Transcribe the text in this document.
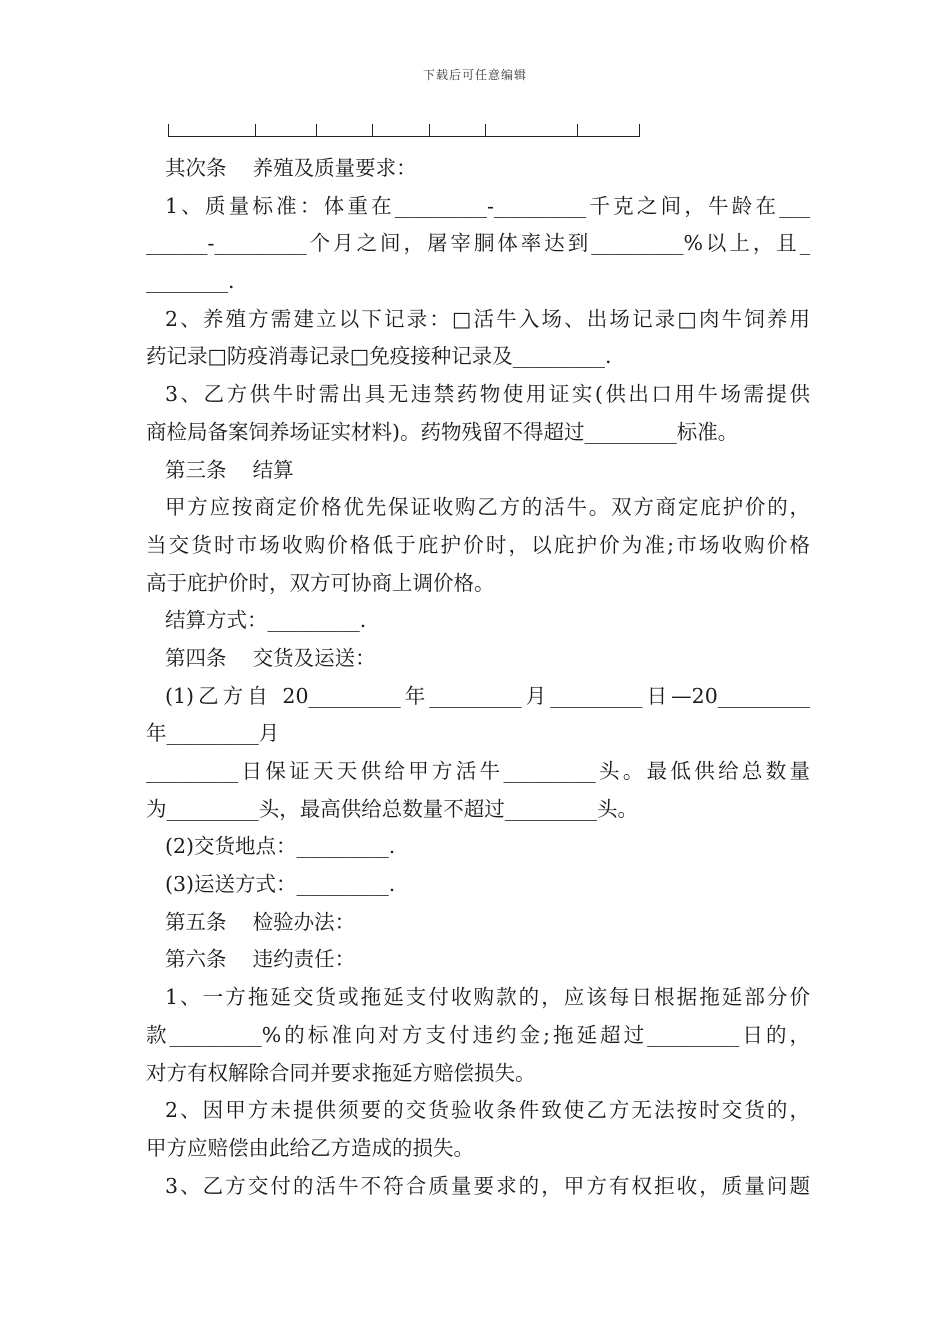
下载后可任意编辑
其次条    养殖及质量要求：
1、质量标准：体重在_________-_________千克之间，牛龄在___
______-_________个月之间，屠宰胴体率达到_________%以上，且_
________.
2、养殖方需建立以下记录：□活牛入场、出场记录□肉牛饲养用
药记录□防疫消毒记录□免疫接种记录及_________.
3、乙方供牛时需出具无违禁药物使用证实(供出口用牛场需提供
商检局备案饲养场证实材料)。药物残留不得超过_________标准。
第三条    结算
甲方应按商定价格优先保证收购乙方的活牛。双方商定庇护价的，
当交货时市场收购价格低于庇护价时，以庇护价为准;市场收购价格
高于庇护价时，双方可协商上调价格。
结算方式：_________.
第四条    交货及运送：
(1)乙方自 20_________年_________月_________日—20_________
年_________月
_________日保证天天供给甲方活牛_________头。最低供给总数量
为_________头，最高供给总数量不超过_________头。
(2)交货地点：_________.
(3)运送方式：_________.
第五条    检验办法：
第六条    违约责任：
1、一方拖延交货或拖延支付收购款的，应该每日根据拖延部分价
款_________%的标准向对方支付违约金;拖延超过_________日的，
对方有权解除合同并要求拖延方赔偿损失。
2、因甲方未提供须要的交货验收条件致使乙方无法按时交货的，
甲方应赔偿由此给乙方造成的损失。
3、乙方交付的活牛不符合质量要求的，甲方有权拒收，质量问题
